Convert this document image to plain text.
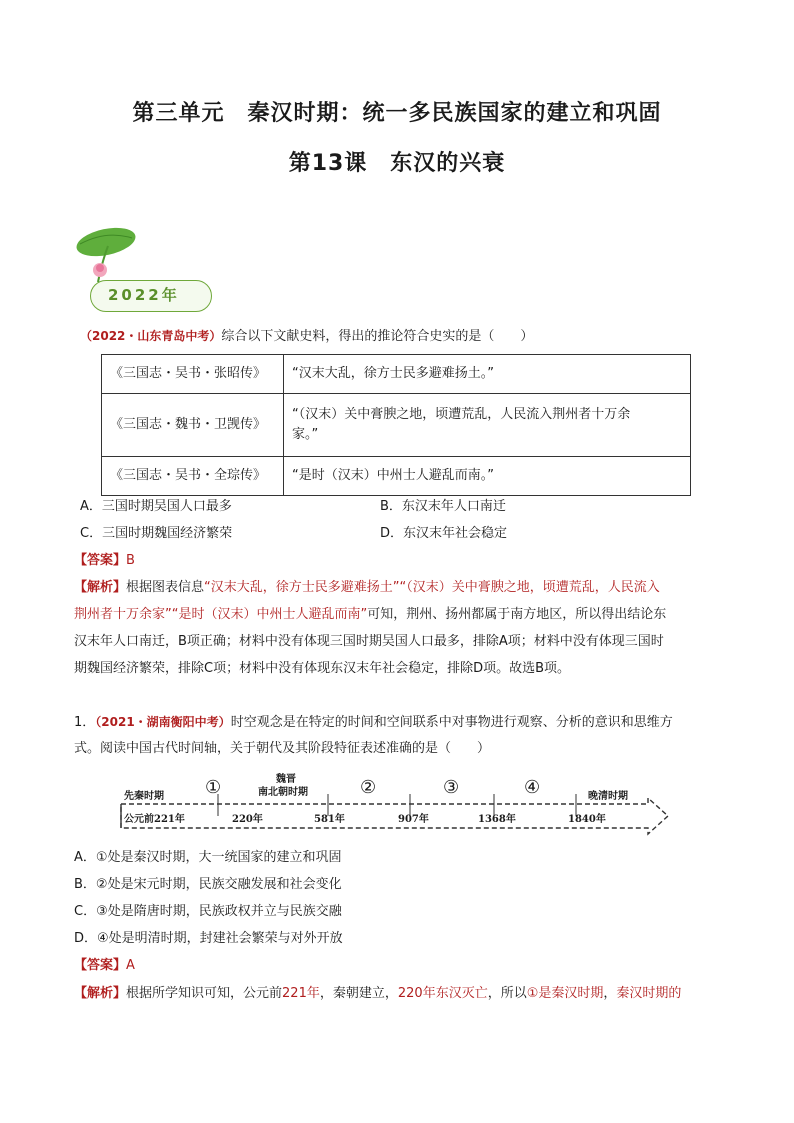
第三单元　秦汉时期：统一多民族国家的建立和巩固
第13课　东汉的兴衰
2022年
（2022・山东青岛中考）综合以下文献史料，得出的推论符合史实的是（　　）
《三国志・吴书・张昭传》	“汉末大乱，徐方士民多避难扬土。”
《三国志・魏书・卫觊传》	“（汉末）关中膏腴之地，顷遭荒乱，人民流入荆州者十万余
家。”

《三国志・吴书・全琮传》	“是时（汉末）中州士人避乱而南。”
A．三国时期吴国人口最多	B．东汉末年人口南迁
C．三国时期魏国经济繁荣	D．东汉末年社会稳定
【答案】B
【解析】根据图表信息“汉末大乱，徐方士民多避难扬土”“（汉末）关中膏腴之地，顷遭荒乱，人民流入
荆州者十万余家”“是时（汉末）中州士人避乱而南”可知，荆州、扬州都属于南方地区，所以得出结论东
汉末年人口南迁，B项正确；材料中没有体现三国时期吴国人口最多，排除A项；材料中没有体现三国时
期魏国经济繁荣，排除C项；材料中没有体现东汉末年社会稳定，排除D项。故选B项。
1．（2021・湖南衡阳中考）时空观念是在特定的时间和空间联系中对事物进行观察、分析的意识和思维方
式。阅读中国古代时间轴，关于朝代及其阶段特征表述准确的是（　　）
先秦时期 ①	魏晋
南北朝时期	②	③	④	晚清时期
公元前221年	220年	581年	907年	1368年	1840年
A．①处是秦汉时期，大一统国家的建立和巩固
B．②处是宋元时期，民族交融发展和社会变化
C．③处是隋唐时期，民族政权并立与民族交融
D．④处是明清时期，封建社会繁荣与对外开放
【答案】A
【解析】根据所学知识可知，公元前221年，秦朝建立，220年东汉灭亡，所以①是秦汉时期，秦汉时期的
